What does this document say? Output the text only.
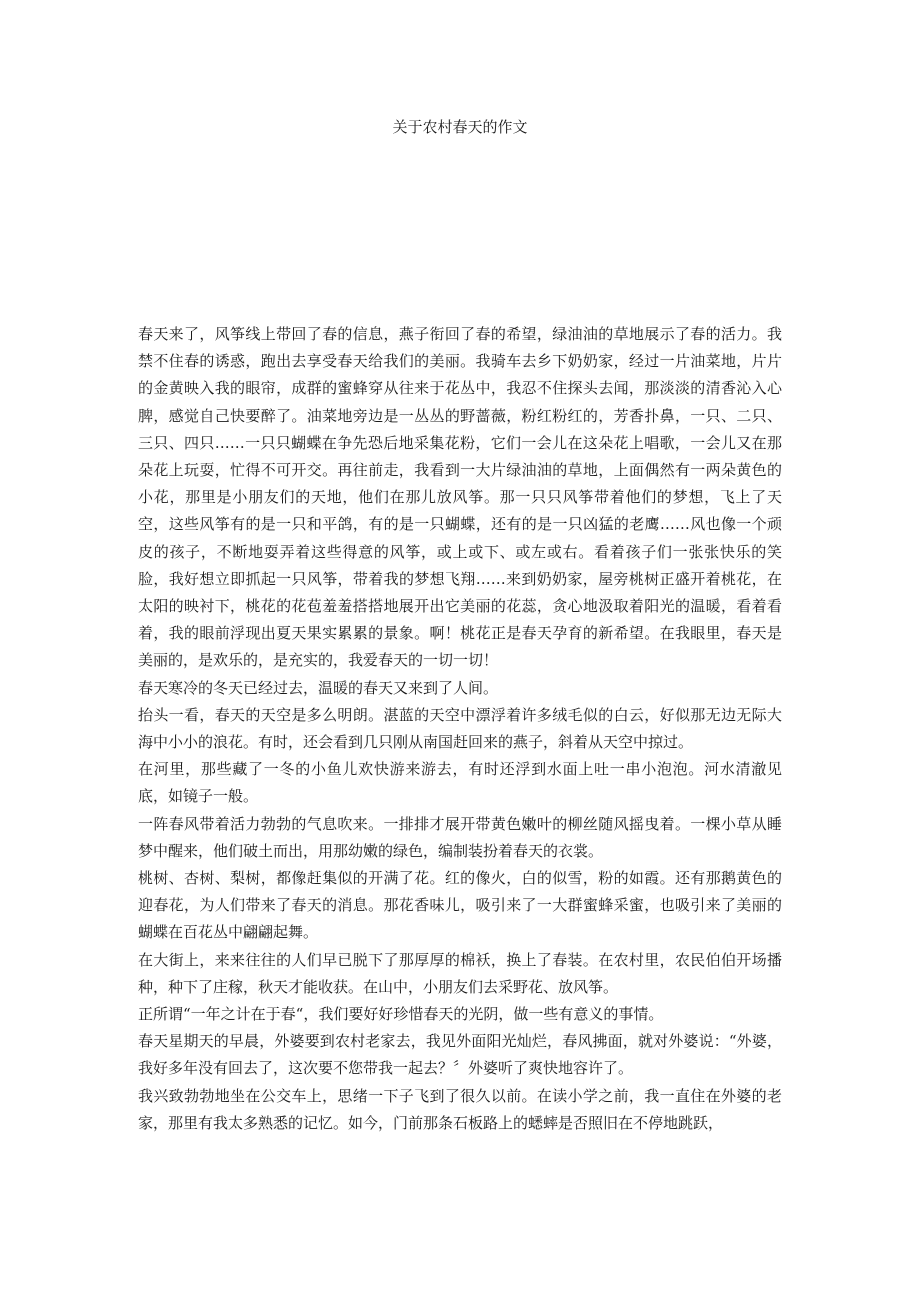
关于农村春天的作文

春天来了，风筝线上带回了春的信息，燕子衔回了春的希望，绿油油的草地展示了春的活力。我禁不住春的诱惑，跑出去享受春天给我们的美丽。我骑车去乡下奶奶家，经过一片油菜地，片片的金黄映入我的眼帘，成群的蜜蜂穿从往来于花丛中，我忍不住探头去闻，那淡淡的清香沁入心脾，感觉自己快要醉了。油菜地旁边是一丛丛的野蔷薇，粉红粉红的，芳香扑鼻，一只、二只、三只、四只……一只只蝴蝶在争先恐后地采集花粉，它们一会儿在这朵花上唱歌，一会儿又在那朵花上玩耍，忙得不可开交。再往前走，我看到一大片绿油油的草地，上面偶然有一两朵黄色的小花，那里是小朋友们的天地，他们在那儿放风筝。那一只只风筝带着他们的梦想，飞上了天空，这些风筝有的是一只和平鸽，有的是一只蝴蝶，还有的是一只凶猛的老鹰……风也像一个顽皮的孩子，不断地耍弄着这些得意的风筝，或上或下、或左或右。看着孩子们一张张快乐的笑脸，我好想立即抓起一只风筝，带着我的梦想飞翔……来到奶奶家，屋旁桃树正盛开着桃花，在太阳的映衬下，桃花的花苞羞羞搭搭地展开出它美丽的花蕊，贪心地汲取着阳光的温暖，看着看着，我的眼前浮现出夏天果实累累的景象。啊！桃花正是春天孕育的新希望。在我眼里，春天是美丽的，是欢乐的，是充实的，我爱春天的一切一切！

春天寒冷的冬天已经过去，温暖的春天又来到了人间。

抬头一看，春天的天空是多么明朗。湛蓝的天空中漂浮着许多绒毛似的白云，好似那无边无际大海中小小的浪花。有时，还会看到几只刚从南国赶回来的燕子，斜着从天空中掠过。

在河里，那些藏了一冬的小鱼儿欢快游来游去，有时还浮到水面上吐一串小泡泡。河水清澈见底，如镜子一般。

一阵春风带着活力勃勃的气息吹来。一排排才展开带黄色嫩叶的柳丝随风摇曳着。一棵小草从睡梦中醒来，他们破土而出，用那幼嫩的绿色，编制装扮着春天的衣裳。

桃树、杏树、梨树，都像赶集似的开满了花。红的像火，白的似雪，粉的如霞。还有那鹅黄色的迎春花，为人们带来了春天的消息。那花香味儿，吸引来了一大群蜜蜂采蜜，也吸引来了美丽的蝴蝶在百花丛中翩翩起舞。

在大街上，来来往往的人们早已脱下了那厚厚的棉袄，换上了春装。在农村里，农民伯伯开场播种，种下了庄稼，秋天才能收获。在山中，小朋友们去采野花、放风筝。

正所谓“一年之计在于春“，我们要好好珍惜春天的光阴，做一些有意义的事情。

春天星期天的早晨，外婆要到农村老家去，我见外面阳光灿烂，春风拂面，就对外婆说：“外婆，我好多年没有回去了，这次要不您带我一起去？〞外婆听了爽快地容许了。

我兴致勃勃地坐在公交车上，思绪一下子飞到了很久以前。在读小学之前，我一直住在外婆的老家，那里有我太多熟悉的记忆。如今，门前那条石板路上的蟋蟀是否照旧在不停地跳跃，
